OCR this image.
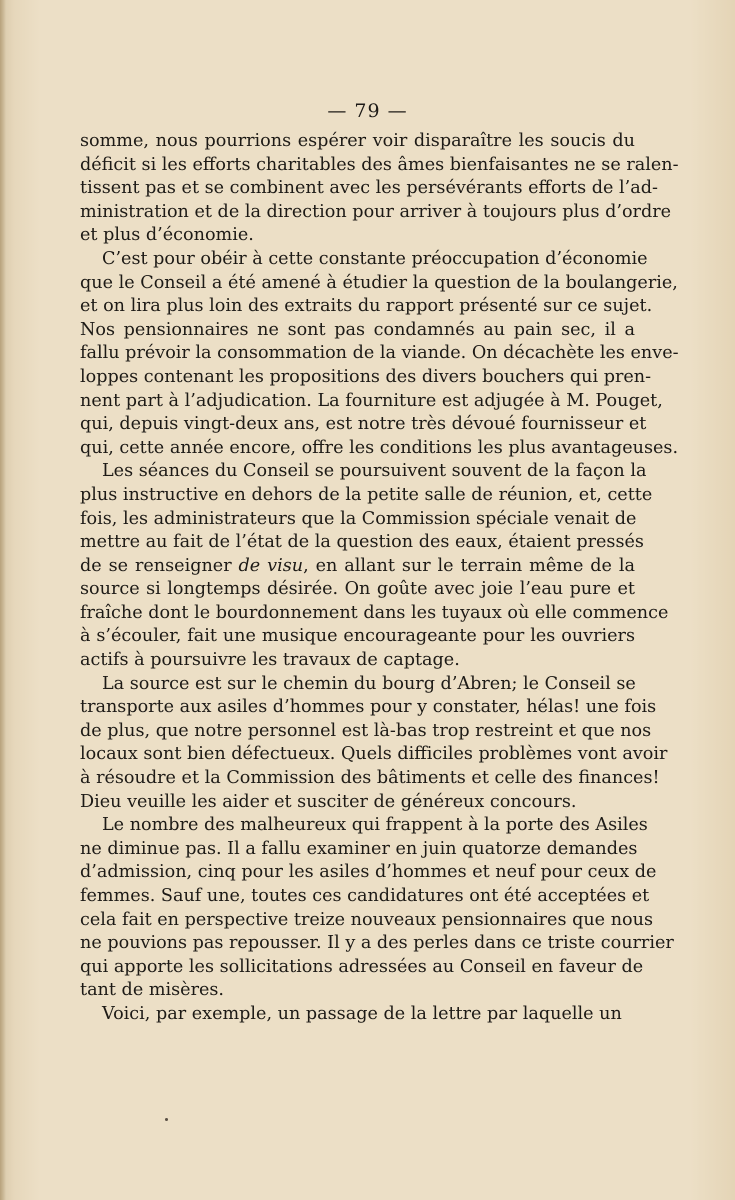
— 79 —

somme, nous pourrions espérer voir disparaître les soucis du
déficit si les efforts charitables des âmes bienfaisantes ne se ralen-
tissent pas et se combinent avec les persévérants efforts de l’ad-
ministration et de la direction pour arriver à toujours plus d’ordre
et plus d’économie.

C’est pour obéir à cette constante préoccupation d’économie
que le Conseil a été amené à étudier la question de la boulangerie,
et on lira plus loin des extraits du rapport présenté sur ce sujet.
Nos pensionnaires ne sont pas condamnés au pain sec, il a
fallu prévoir la consommation de la viande. On décachète les enve-
loppes contenant les propositions des divers bouchers qui pren-
nent part à l’adjudication. La fourniture est adjugée à M. Pouget,
qui, depuis vingt-deux ans, est notre très dévoué fournisseur et
qui, cette année encore, offre les conditions les plus avantageuses.

Les séances du Conseil se poursuivent souvent de la façon la
plus instructive en dehors de la petite salle de réunion, et, cette
fois, les administrateurs que la Commission spéciale venait de
mettre au fait de l’état de la question des eaux, étaient pressés
de se renseigner de visu, en allant sur le terrain même de la
source si longtemps désirée. On goûte avec joie l’eau pure et
fraîche dont le bourdonnement dans les tuyaux où elle commence
à s’écouler, fait une musique encourageante pour les ouvriers
actifs à poursuivre les travaux de captage.

La source est sur le chemin du bourg d’Abren; le Conseil se
transporte aux asiles d’hommes pour y constater, hélas! une fois
de plus, que notre personnel est là-bas trop restreint et que nos
locaux sont bien défectueux. Quels difficiles problèmes vont avoir
à résoudre et la Commission des bâtiments et celle des finances!
Dieu veuille les aider et susciter de généreux concours.

Le nombre des malheureux qui frappent à la porte des Asiles
ne diminue pas. Il a fallu examiner en juin quatorze demandes
d’admission, cinq pour les asiles d’hommes et neuf pour ceux de
femmes. Sauf une, toutes ces candidatures ont été acceptées et
cela fait en perspective treize nouveaux pensionnaires que nous
ne pouvions pas repousser. Il y a des perles dans ce triste courrier
qui apporte les sollicitations adressées au Conseil en faveur de
tant de misères.

Voici, par exemple, un passage de la lettre par laquelle un
